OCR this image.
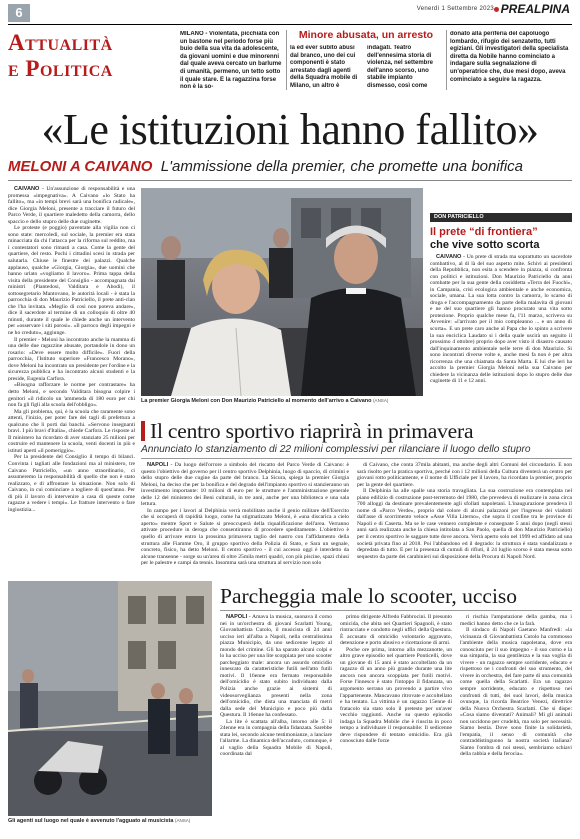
6	Venerdì 1 Settembre 2023 PREALPINA
Attualità
e Politica
MILANO - Violentata, picchiata con un bastone nel periodo forse più buio della sua vita da adolescente, da giovani uomini e due minorenni dal quale aveva cercato un barlume di umanità, permeno, un tetto sotto il quale stare. E la ragazzina forse non è la so-
Minore abusata, un arresto
la ed ever subito abusi dal branco, uno dei cui componenti è stato arrestato dagli agenti della Squadra mobile di Milano, un altro è
indagati. Teatro dell'ennesima storia di violenza, nel settembre dell'anno scorso, uno stabile impianto dismesso, così come
donato alla periferia del capoluogo lombardo, rifugio dei senzatetto, tutti egiziani. Gli investigatori della specialista diretta da Nobile hanno cominciato a indagare sulla segnalazione di un'operatrice che, due mesi dopo, aveva cominciato a seguire la ragazza.
«Le istituzioni hanno fallito»
MELONI A CAIVANO L'ammissione della premier, che promette una bonifica

CAIVANO - Un'assunzione di responsabilità e una promessa «impegnativa». A Caivano «lo Stato ha fallito», ma «in tempi brevi sarà una bonifica radicale», dice Giorgia Meloni, presente a tracciare il futuro del Parco Verde, il quartiere maledetto della camorra, dello spaccio e dello stupro delle due cuginette.

Le proteste (e poggio) paventate alla vigilia non ci sono state: mercoledì, sul sociale, la premier era stata minacciata da chi l'attacca per la riforma sul reddito, ma i contestatori sono rimasti a casa. Come la gente del quartiere, del resto. Pochi i cittadini scesi in strada per salutarla. Chiuse le finestre dei palazzi. Qualche applauso, qualche «Giorgia, Giorgia», due uomini che hanno urlato «vogliamo il lavoro». Prima tappa della visita della presidente del Consiglio - accompagnata dai ministri (Piantedosi, Valditara e Abodi), il sottosegretario Mantovano, le autorità locali - è stata la parrocchia di don Maurizio Patriciello, il prete anti-clan che l'ha invitata. «Meglio di così non poteva andare», dice il sacerdote al termine di un colloquio di oltre 40 minuti, durante il quale le chiede anche un intervento per «osservare i siti porosi». «Il parroco degli impegni e ne ho creduto», aggiunge.

Il premier - Meloni ha incontrato anche la mamma di una delle due ragazzine abusate, portandole in dono un rosario: «Deve essere molto difficile». Fuori della parrocchia, l'Istituto superiore «Francesco Morano», dove Meloni ha incontrato un presidente per l'ordine e la sicurezza pubblica e ha incontrato alcuni studenti e la preside, Eugenia Carfora.

«Bisogna rafforzare le norme per contrastare» ha detto Meloni, e secondo Valditara bisogna colpire i genitori «il ridicolo un 'ammenda di 180 euro per chi non fa gli figli alla scuola dell'obbligo».

Ma gli problema, qui, è la scuola che raramente sono attenti, l'inizio, per poter fare dei tagli di prefettura a qualcuno che li porti dai banchi. «Servono insegnanti bravi. I più bravi d'Italia», chiede Carfora. Le risposte al Il ministero ha ricordato di aver stanziato 25 milioni per costruire ed mantenere la scuola, venti docenti in più e istituti aperti «il pomeriggio».

Per la presidente del Consiglio il tempo di bilanci. Convinta i tagliati alle fondazioni ma al ministero, tre Caivano Patriciello, «un anno straordinario, ci assumeremo la responsabilità di quello che non è stato realizzato, e di affrontare la situazione. Non solo di Caivano, in cui cominciare a togliere di quest'anno. Per di più il lavoro di intervenire a casa di queste come ragazze a vedere i tempi». Le fratture intervento o fare ingiustizia...

La premier Giorgia Meloni con Don Maurizio Patriciello al momento dell'arrivo a Caivano (ANSA)
DON PATRICIELLO
Il prete “di frontiera”
che vive sotto scorta

CAIVANO - Un prete di strada ma soprattutto un sacerdote combattivo, al di là del suo aspetto mite. Schivi ai presidenti della Repubblica, non esita a scendere in piazza, si confronta con politici e istituzioni. Don Maurizio Patriciello da anni combatte per la sua gente della cosiddetta «Terra dei Fuochi», in Campania, crisi ecologica ambientale e anche economica, sociale, umana. La sua lotta contro la camorra, lo scarso di droga e l'accompagnamento da parte della malavita di giovani e ne del suo quartiere gli hanno procurato una vita sotto protezione. Proprio qualche mese fa, l'11 marzo, scriveva su Avvenire: «l'arrivato per il mio compleanno ... e un anno di scorta». E un prete caro anche al Papa che lo spinto a scrivere la sua enciclica Laudato si i della quale uscirà un seguito il prossimo 4 ottobre) proprio dopo aver visto il disastro causato dall'inquinamento ambientale nelle terre di don Maurizio. Si sono incontrati diverse volte e, anche mesi fa non è per altra ricorrenza che una chiamata da Santa Marta. E lui che ieri ha accolto la premier Giorgia Meloni nella sua Caivano per chiedere la vicinanza delle istituzioni dopo lo stupro delle due cuginette di 11 e 12 anni.

Il centro sportivo riaprirà in primavera
Annunciato lo stanziamento di 22 milioni complessivi per rilanciare il luogo dello stupro

NAPOLI - Da luogo dell'orrore a simbolo del riscatto del Parco Verde di Caivano: è questo l'obiettivo del governo per il centro sportivo Delphinia, luogo di spaccio, di crimini e dello stupro delle due cugine da parte del branco. La Sicura, spiega la premier Giorgia Meloni, ha deciso che per la bonifica e del degrado dell'impianto sportivo si stanzieranno un investimento importante: 10 milioni di euro per le strutture e l'amministrazione generale delle 12 del ministero dei Beni culturali, in tre anni, anche per una biblioteca e una sala lettura.

In campo per i lavori al Delphinia verrà mobilitato anche il genio militare dell'Esercito che si occuperà di rapidità luogo, come ha stigmatizzato Meloni, è «una discarica a cielo aperto» mentre Sport e Salute si preoccuperà della riqualificazione dell'area. Verranno attivate procedure in deroga che consentiranno di procedere speditamente. L'obiettivo è quello di arrivare entro la prossima primavera taglio del nastro con l'affidamento della struttura alle Fiamme Oro, il gruppo sportivo della Polizia di Stato, e Sara un segnale, concreto, fisico, ha detto Meloni. Il centro sportivo - il cui accesso oggi è interdetto da alcune transenne - sorge su un'area di oltre 25mila metri quadri, con più piscine, spazi chiusi per le palestre e campi da tennis. Insomma sarà una struttura al servizio non solo

di Caivano, che conta 37mila abitanti, ma anche degli altri Comuni del circondario. E non sarà risolto per la pratica sportiva, perché con i 12 milioni della Cultura diventerà un centro per giovani rotto politicamente, e il nome di Ufficiale per il lavoro, ha ricordato la premier, proprio per la gente del quartiere.

Il Delphinia ha alle spalle una storia travagliata. La sua costruzione era contemplata nel piano edilizio di costruzione post-terremoto del 1980, che prevedeva di realizzare in zona circa 700 alloggi da destinare prevalentemente agli sfollati napoletani. L'inaugurazione prendeva il nome di «Parco Verde», proprio dal colore di alcuni palazzoni per l'ingresso dei viadotti dall'asse di scorrimento veloce «Asse Villa Literno», che sopra il confine tra le province di Napoli e di Caserta. Ma se le case vennero completate e consegnate 5 anni dopo (negli stessi anni sarà realizzata anche la chiesa intitolata a San Paolo, quella di don Maurizio Patriciello) per il centro sportivo le saggare tutte dove ancora. Verrà aperto solo nel 1999 ed affidato ad una società privata fino al 2018. Poi l'abbandono ed il degrado: la struttura è stata vandalizzata e depredata di tutto. E per la presenza di cumuli di rifiuti, il 24 luglio scorso è stata messa sotto sequestro da parte dei carabinieri sui disposizione della Procura di Napoli Nord.

Gli agenti sul luogo nel quale è avvenuto l'agguato al musicista (ANSA)
Parcheggia male lo scooter, ucciso

NAPOLI - Amava la musica, suonava il corno nei in un'orchestra di giovani Scarlatti Young, Giovanbattista Cutolo, il musicista di 24 anni ucciso ieri all'alba a Napoli, nella centralissima piazza Municipio, da uno sedicenne legato al mondo del crimine. Gli ha sparato alcuni colpi e lo ha ucciso per una lite scoppiata per uno scooter parcheggiato male: ancora un assurdo omicidio innescato da caratteristiche futili nell'atto futili motivi. Il 16enne era fermato responsabile dell'omicidio è stato subito individuato dalla Polizia anche grazie ai sistemi di videosorveglianza presenti nella zona dell'omicidio, che dista una manciata di metri dalla sede del Municipio e poco più dalla Questura. Il 16enne ha confessato.

La lite è scattata all'alba, intorno alle 5: il 24enne era in compagnia della fidanzata. Sarebbe stata lei, secondo alcune testimonianze, a lanciare l'allarme. La dinamica dell'accaduto, comunque, è al vaglio della Squadra Mobile di Napoli, coordinata dal

primo dirigente Alfredo Fabbrocini. Il presunto omicida, che abita nei Quartieri Spagnoli, è stato rintracciato e condotto negli uffici della Questura. È accusato di omicidio volontario aggravato, detenzione e porto abusivo e ricettazione di armi.

Poche ore prima, intorno alla mezzanotte, un altro grave episodio nel quartiere Ponticelli, dove un giovane di 15 anni è stato accoltellato da un ragazzo di un anno più grande durante una lite ancora non ancora scoppiata per futili motivi. Forse l'innesco è stato l'intoppo il fidanzata, un argomento serrano un provendo a partire vivo l'appartenente. Mancavano ritrovate e accoltellato e ha tentato. La vittima è un ragazzo 15enne di fratacolo sia stato solo il pretesto per un'aver vecchio raggiunti. Anche su questo episodio indaga la Squadra Mobile che è riuscita in poco tempo a individuare il responsabile: Il sedicenne deve rispondere di tentato omicidio. Era già conosciuto dalle forze

ri rischia l'amputazione della gamba, ma i medici hanno detto che ce la farà.

Il sindaco di Napoli Gaetano Manfredi: «la vicinanza di Giovanbattista Cutolo ha commosso l'ambiente della musica napoletana, dove era conosciuto per il suo impegno - il suo corno e la sua simpatia, la sua gentilezza e la sua voglia di vivere - un ragazzo sempre sorridente, educato e rispettoso ne i confronti del suo strumento, del vivere in orchestra, del fare parte di una comunità come quella della Scarlatti. Era un ragazzo sempre sorridente, educato e rispettoso nei confronti di tutti, dei suoi lavori, della musica ovunque, la ricorda Beatrice Venezi, direttrice della Nuova Orchestra Scarlatti. Che si dispe: «Cosa siamo diventati? Animali? Mi gli animali non uccidono per crudeltà, ma solo per necessità. Siamo bestia. Dove sono finite la solidarietà, l'empatia, il senso di comunità che contraddistinguono la nostra società italiana? Siamo l'ombra di noi stessi, sembriamo schiavi della rabbia e della ferocia».
